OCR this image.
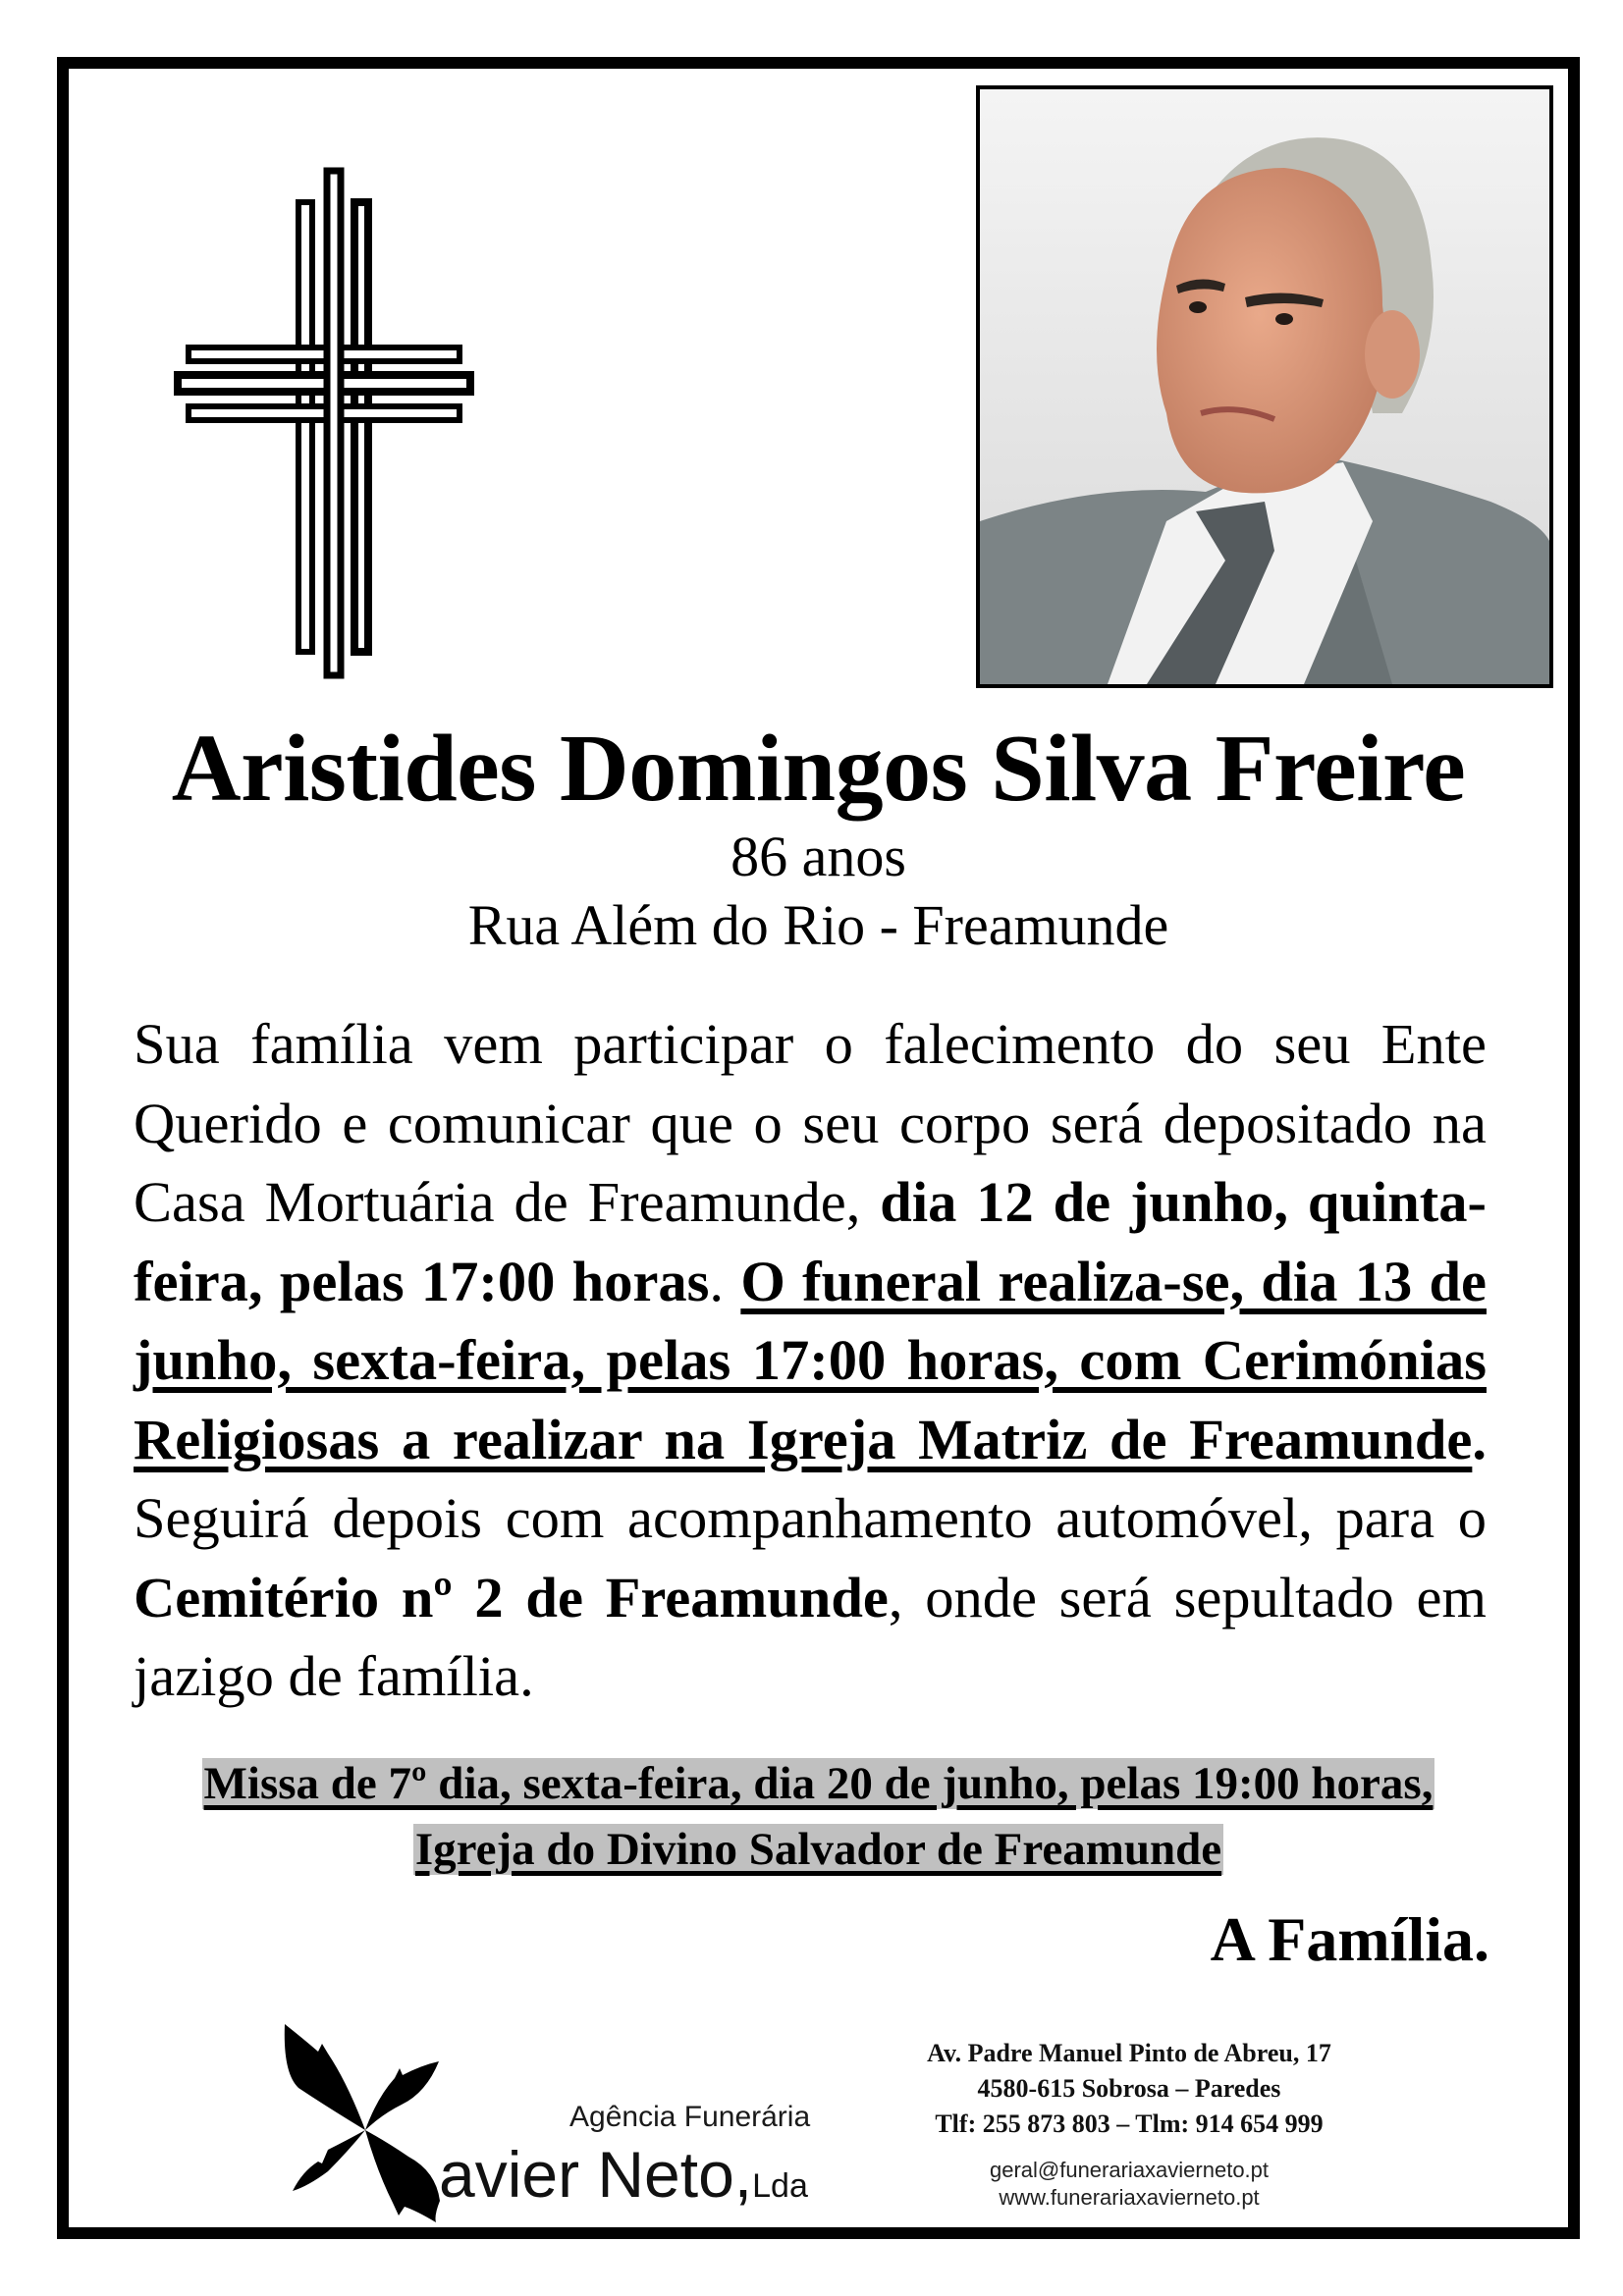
Aristides Domingos Silva Freire
86 anos
Rua Além do Rio - Freamunde
Sua família vem participar o falecimento do seu Ente Querido e comunicar que o seu corpo será depositado na Casa Mortuária de Freamunde, dia 12 de junho, quinta-feira, pelas 17:00 horas. O funeral realiza-se, dia 13 de junho, sexta-feira, pelas 17:00 horas, com Cerimónias Religiosas a realizar na Igreja Matriz de Freamunde. Seguirá depois com acompanhamento automóvel, para o Cemitério nº 2 de Freamunde, onde será sepultado em jazigo de família.
Missa de 7º dia, sexta-feira, dia 20 de junho, pelas 19:00 horas,
Igreja do Divino Salvador de Freamunde
A Família.
Agência Funerária
avier Neto,Lda
Av. Padre Manuel Pinto de Abreu, 17
4580-615 Sobrosa – Paredes
Tlf: 255 873 803 – Tlm: 914 654 999
geral@funerariaxavierneto.pt
www.funerariaxavierneto.pt
